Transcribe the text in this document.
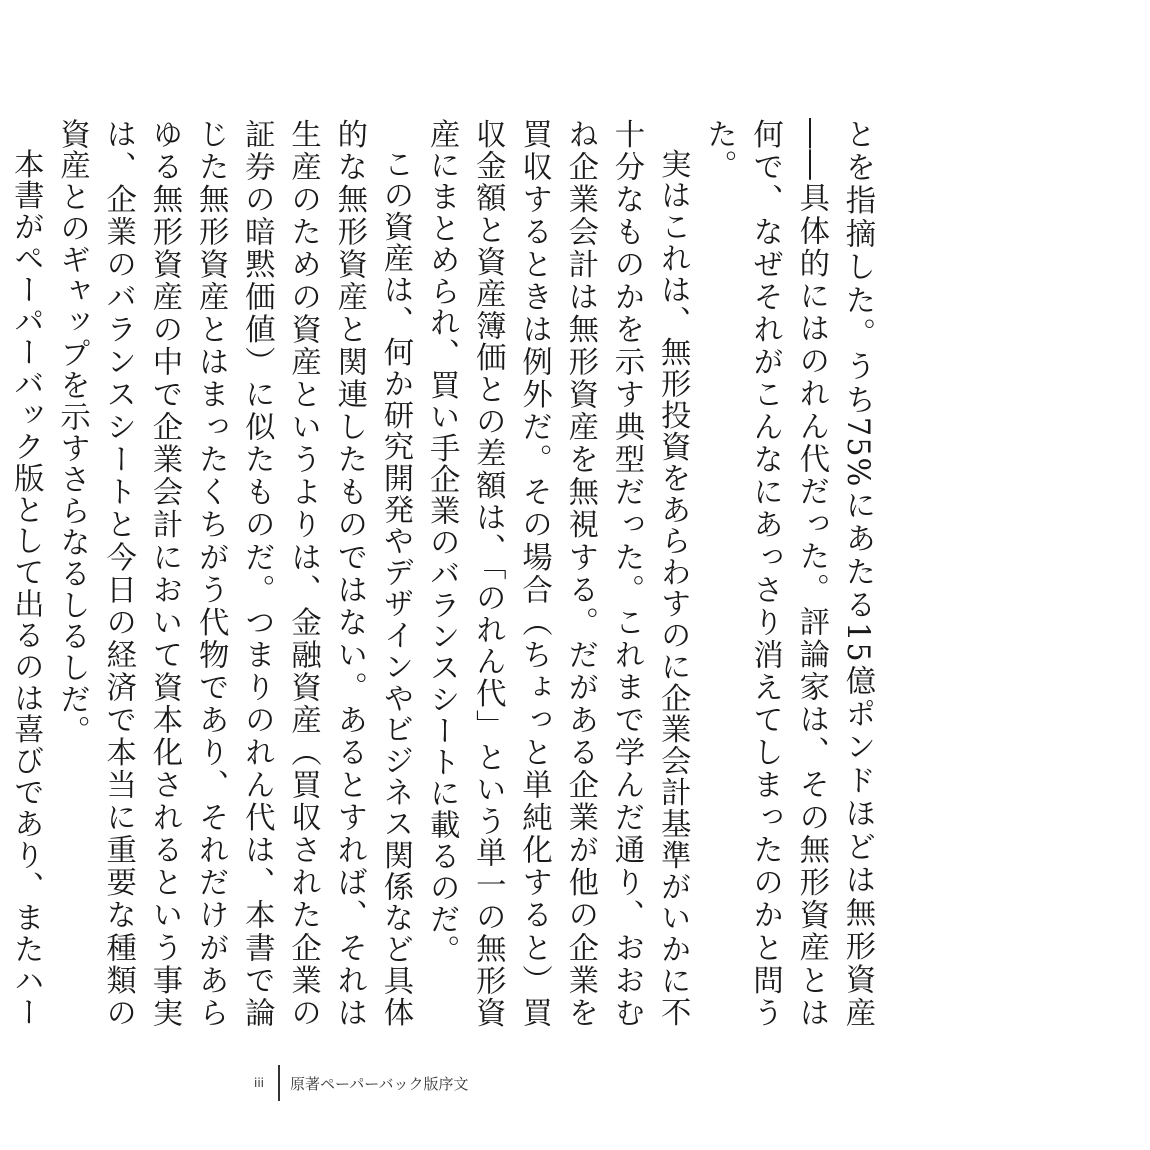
とを指摘した。うち75%にあたる15億ポンドほどは無形資産――具体的にはのれん代だった。評論家は、その無形資産とは何で、なぜそれがこんなにあっさり消えてしまったのかと問うた。

実はこれは、無形投資をあらわすのに企業会計基準がいかに不十分なものかを示す典型だった。これまで学んだ通り、おおむね企業会計は無形資産を無視する。だがある企業が他の企業を買収するときは例外だ。その場合（ちょっと単純化すると）買収金額と資産簿価との差額は、「のれん代」という単一の無形資産にまとめられ、買い手企業のバランスシートに載るのだ。

この資産は、何か研究開発やデザインやビジネス関係など具体的な無形資産と関連したものではない。あるとすれば、それは生産のための資産というよりは、金融資産（買収された企業の証券の暗黙価値）に似たものだ。つまりのれん代は、本書で論じた無形資産とはまったくちがう代物であり、それだけがあらゆる無形資産の中で企業会計において資本化されるという事実は、企業のバランスシートと今日の経済で本当に重要な種類の資産とのギャップを示すさらなるしるしだ。

本書がペーパーバック版として出るのは喜びであり、またハー

iii 原著ペーパーバック版序文
